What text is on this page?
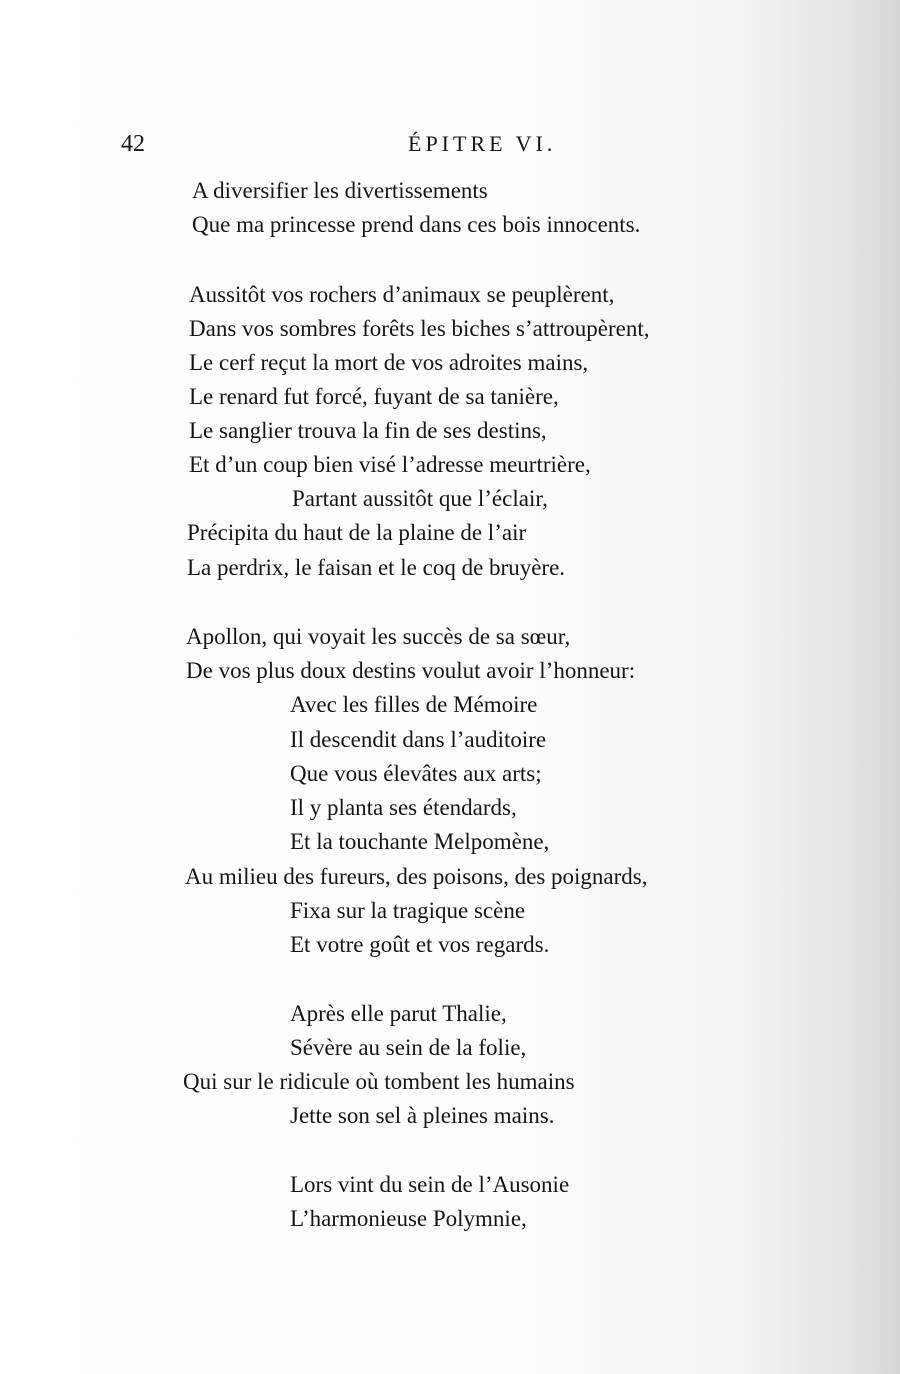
42	ÉPITRE VI.
A diversifier les divertissements
Que ma princesse prend dans ces bois innocents.
Aussitôt vos rochers d’animaux se peuplèrent,
Dans vos sombres forêts les biches s’attroupèrent,
Le cerf reçut la mort de vos adroites mains,
Le renard fut forcé, fuyant de sa tanière,
Le sanglier trouva la fin de ses destins,
Et d’un coup bien visé l’adresse meurtrière,
Partant aussitôt que l’éclair,
Précipita du haut de la plaine de l’air
La perdrix, le faisan et le coq de bruyère.
Apollon, qui voyait les succès de sa sœur,
De vos plus doux destins voulut avoir l’honneur:
Avec les filles de Mémoire
Il descendit dans l’auditoire
Que vous élevâtes aux arts;
Il y planta ses étendards,
Et la touchante Melpomène,
Au milieu des fureurs, des poisons, des poignards,
Fixa sur la tragique scène
Et votre goût et vos regards.
Après elle parut Thalie,
Sévère au sein de la folie,
Qui sur le ridicule où tombent les humains
Jette son sel à pleines mains.
Lors vint du sein de l’Ausonie
L’harmonieuse Polymnie,
